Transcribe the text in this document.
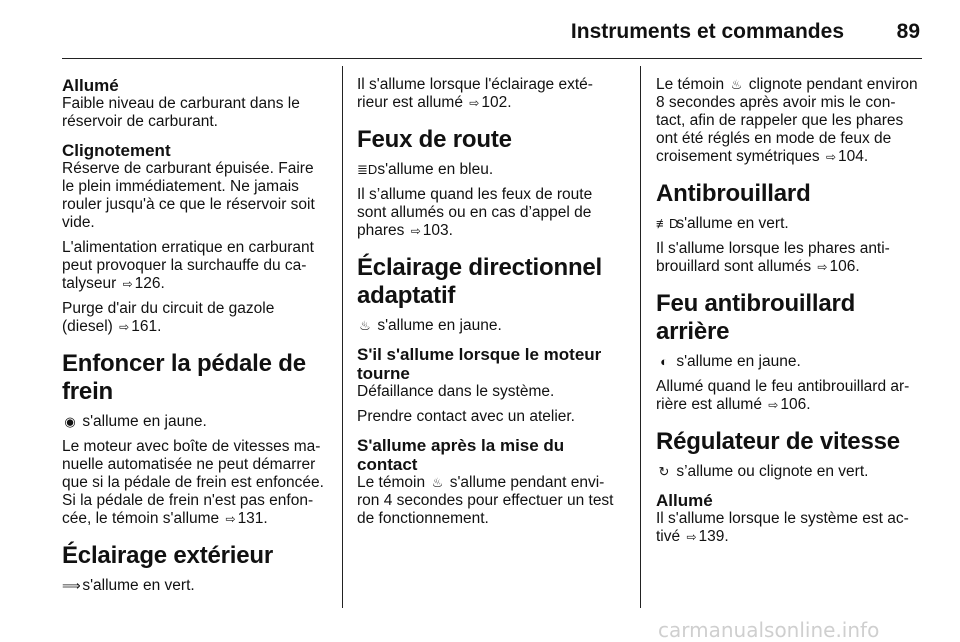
Instruments et commandes	89
Allumé
Faible niveau de carburant dans le réservoir de carburant.
Clignotement
Réserve de carburant épuisée. Faire le plein immédiatement. Ne jamais rouler jusqu'à ce que le réservoir soit vide.
L'alimentation erratique en carburant peut provoquer la surchauffe du ca- talyseur ⇨ 126.
Purge d'air du circuit de gazole (diesel) ⇨ 161.
Enfoncer la pédale de frein
◉ s'allume en jaune.
Le moteur avec boîte de vitesses ma- nuelle automatisée ne peut démarrer que si la pédale de frein est enfoncée. Si la pédale de frein n'est pas enfon- cée, le témoin s'allume ⇨ 131.
Éclairage extérieur
⟹ s'allume en vert.
Il s'allume lorsque l'éclairage exté- rieur est allumé ⇨ 102.
Feux de route
≣D s'allume en bleu.
Il s’allume quand les feux de route sont allumés ou en cas d’appel de phares ⇨ 103.
Éclairage directionnel adaptatif
♨ s'allume en jaune.
S'il s'allume lorsque le moteur tourne
Défaillance dans le système.
Prendre contact avec un atelier.
S'allume après la mise du contact
Le témoin ♨ s'allume pendant envi- ron 4 secondes pour effectuer un test de fonctionnement.
Le témoin ♨ clignote pendant environ 8 secondes après avoir mis le con- tact, afin de rappeler que les phares ont été réglés en mode de feux de croisement symétriques ⇨ 104.
Antibrouillard
≢D s'allume en vert.
Il s'allume lorsque les phares anti- brouillard sont allumés ⇨ 106.
Feu antibrouillard arrière
◐ s'allume en jaune.
Allumé quand le feu antibrouillard ar- rière est allumé ⇨ 106.
Régulateur de vitesse
↻ s’allume ou clignote en vert.
Allumé
Il s'allume lorsque le système est ac- tivé ⇨ 139.
carmanualsonline.info
